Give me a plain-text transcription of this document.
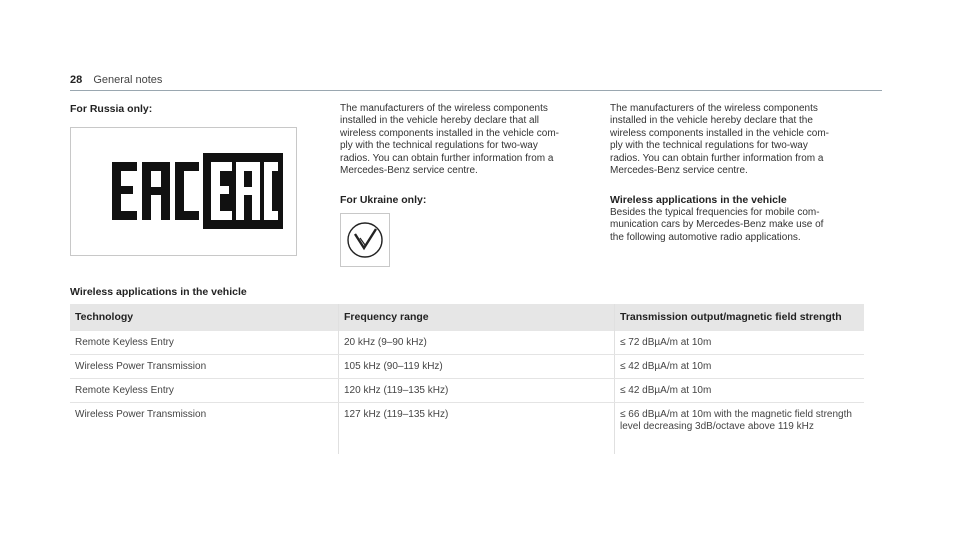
28 General notes
For Russia only:	The manufacturers of the wireless components
installed in the vehicle hereby declare that all
wireless components installed in the vehicle com-
ply with the technical regulations for two-way
radios. You can obtain further information from a
Mercedes-Benz service centre.
For Ukraine only:
The manufacturers of the wireless components
installed in the vehicle hereby declare that the
wireless components installed in the vehicle com-
ply with the technical regulations for two-way
radios. You can obtain further information from a
Mercedes-Benz service centre.
Wireless applications in the vehicle
Besides the typical frequencies for mobile com-
munication cars by Mercedes-Benz make use of
the following automotive radio applications.
Wireless applications in the vehicle
Technology	Frequency range	Transmission output/magnetic field strength
Remote Keyless Entry	20 kHz (9–90 kHz)	≤ 72 dBµA/m at 10m
Wireless Power Transmission	105 kHz (90–119 kHz)	≤ 42 dBµA/m at 10m
Remote Keyless Entry	120 kHz (119–135 kHz)	≤ 42 dBµA/m at 10m
Wireless Power Transmission	127 kHz (119–135 kHz)	≤ 66 dBµA/m at 10m with the magnetic field strength level decreasing 3dB/octave above 119 kHz
